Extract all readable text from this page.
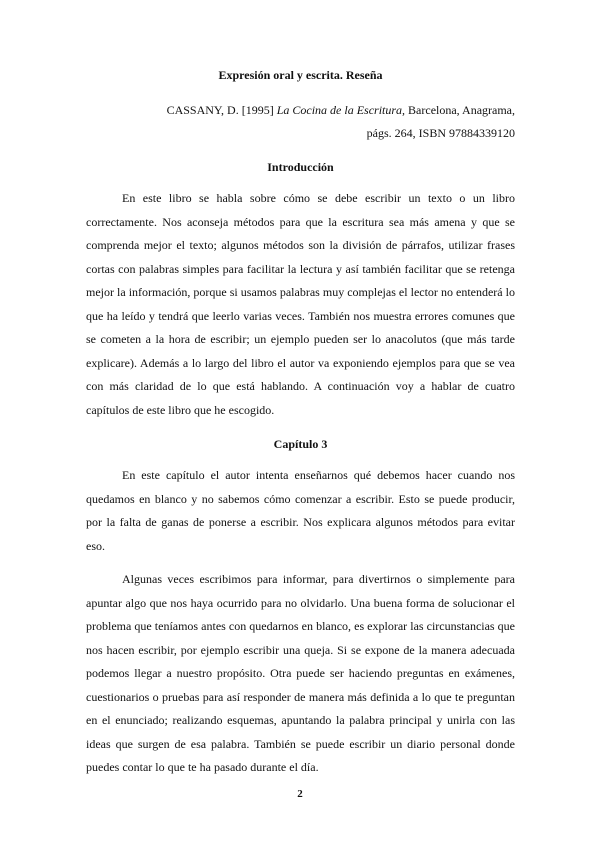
Expresión oral y escrita. Reseña

CASSANY, D. [1995] La Cocina de la Escritura, Barcelona, Anagrama,
págs. 264, ISBN 97884339120

Introducción

En este libro se habla sobre cómo se debe escribir un texto o un libro correctamente. Nos aconseja métodos para que la escritura sea más amena y que se comprenda mejor el texto; algunos métodos son la división de párrafos, utilizar frases cortas con palabras simples para facilitar la lectura y así también facilitar que se retenga mejor la información, porque si usamos palabras muy complejas el lector no entenderá lo que ha leído y tendrá que leerlo varias veces. También nos muestra errores comunes que se cometen a la hora de escribir; un ejemplo pueden ser lo anacolutos (que más tarde explicare). Además a lo largo del libro el autor va exponiendo ejemplos para que se vea con más claridad de lo que está hablando. A continuación voy a hablar de cuatro capítulos de este libro que he escogido.

Capítulo 3

En este capítulo el autor intenta enseñarnos qué debemos hacer cuando nos quedamos en blanco y no sabemos cómo comenzar a escribir. Esto se puede producir, por la falta de ganas de ponerse a escribir. Nos explicara algunos métodos para evitar eso.

Algunas veces escribimos para informar, para divertirnos o simplemente para apuntar algo que nos haya ocurrido para no olvidarlo. Una buena forma de solucionar el problema que teníamos antes con quedarnos en blanco, es explorar las circunstancias que nos hacen escribir, por ejemplo escribir una queja. Si se expone de la manera adecuada podemos llegar a nuestro propósito. Otra puede ser haciendo preguntas en exámenes, cuestionarios o pruebas para así responder de manera más definida a lo que te preguntan en el enunciado; realizando esquemas, apuntando la palabra principal y unirla con las ideas que surgen de esa palabra. También se puede escribir un diario personal donde puedes contar lo que te ha pasado durante el día.

2
